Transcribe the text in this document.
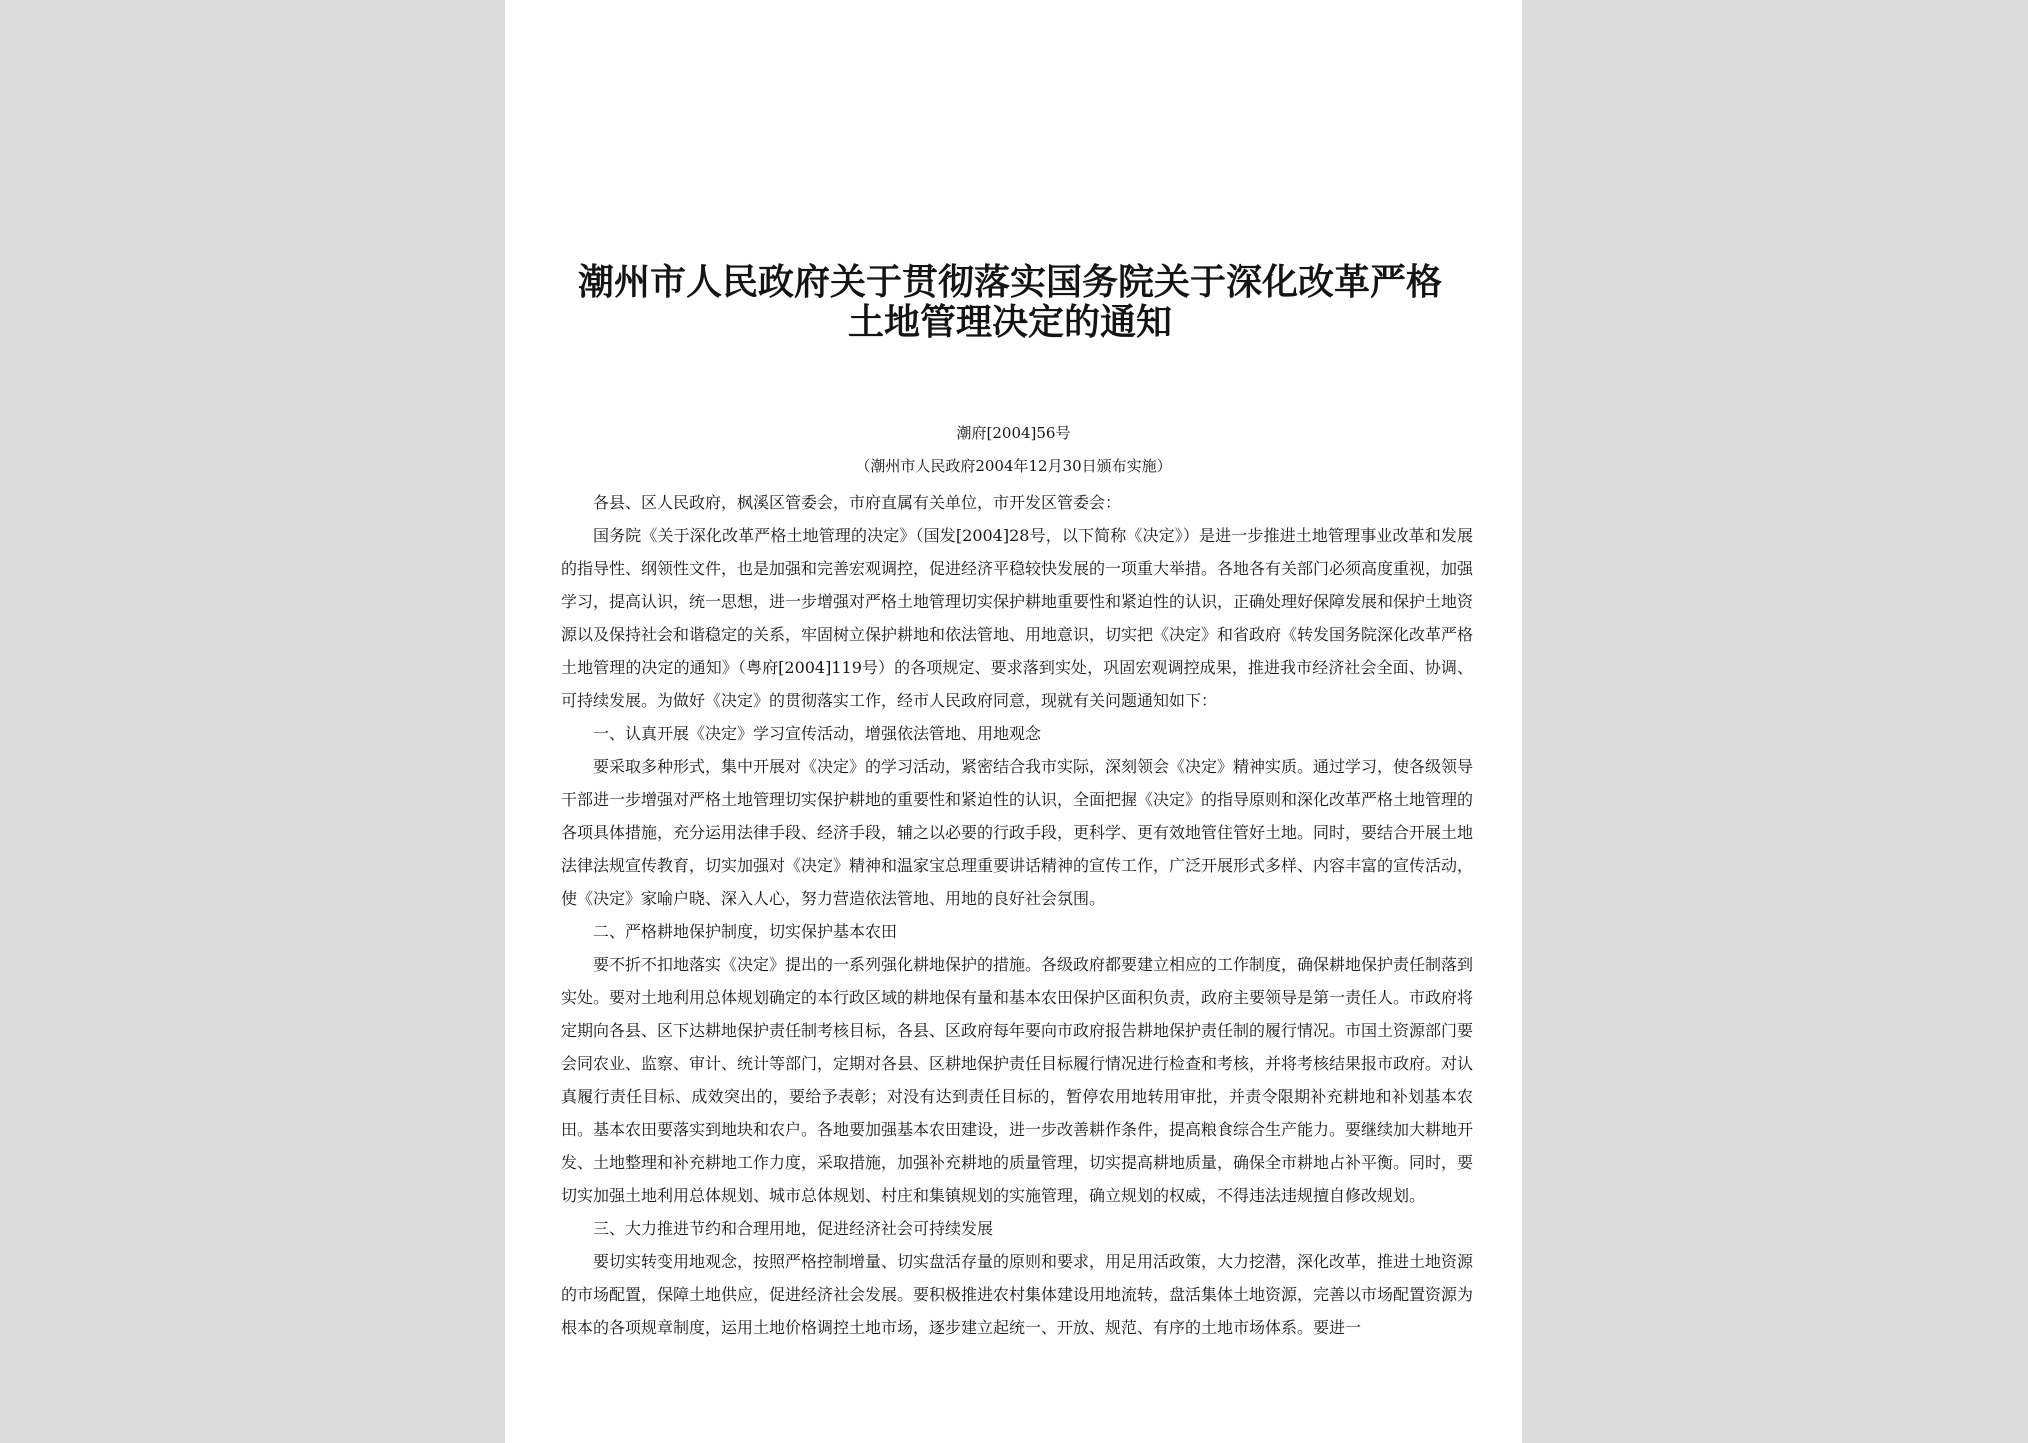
潮州市人民政府关于贯彻落实国务院关于深化改革严格土地管理决定的通知
潮府[2004]56号
（潮州市人民政府2004年12月30日颁布实施）

各县、区人民政府，枫溪区管委会，市府直属有关单位，市开发区管委会：

国务院《关于深化改革严格土地管理的决定》（国发[2004]28号，以下简称《决定》）是进一步推进土地管理事业改革和发展的指导性、纲领性文件，也是加强和完善宏观调控，促进经济平稳较快发展的一项重大举措。各地各有关部门必须高度重视，加强学习，提高认识，统一思想，进一步增强对严格土地管理切实保护耕地重要性和紧迫性的认识，正确处理好保障发展和保护土地资源以及保持社会和谐稳定的关系，牢固树立保护耕地和依法管地、用地意识，切实把《决定》和省政府《转发国务院深化改革严格土地管理的决定的通知》（粤府[2004]119号）的各项规定、要求落到实处，巩固宏观调控成果，推进我市经济社会全面、协调、可持续发展。为做好《决定》的贯彻落实工作，经市人民政府同意，现就有关问题通知如下：

一、认真开展《决定》学习宣传活动，增强依法管地、用地观念

要采取多种形式，集中开展对《决定》的学习活动，紧密结合我市实际，深刻领会《决定》精神实质。通过学习，使各级领导干部进一步增强对严格土地管理切实保护耕地的重要性和紧迫性的认识，全面把握《决定》的指导原则和深化改革严格土地管理的各项具体措施，充分运用法律手段、经济手段，辅之以必要的行政手段，更科学、更有效地管住管好土地。同时，要结合开展土地法律法规宣传教育，切实加强对《决定》精神和温家宝总理重要讲话精神的宣传工作，广泛开展形式多样、内容丰富的宣传活动，使《决定》家喻户晓、深入人心，努力营造依法管地、用地的良好社会氛围。

二、严格耕地保护制度，切实保护基本农田

要不折不扣地落实《决定》提出的一系列强化耕地保护的措施。各级政府都要建立相应的工作制度，确保耕地保护责任制落到实处。要对土地利用总体规划确定的本行政区域的耕地保有量和基本农田保护区面积负责，政府主要领导是第一责任人。市政府将定期向各县、区下达耕地保护责任制考核目标，各县、区政府每年要向市政府报告耕地保护责任制的履行情况。市国土资源部门要会同农业、监察、审计、统计等部门，定期对各县、区耕地保护责任目标履行情况进行检查和考核，并将考核结果报市政府。对认真履行责任目标、成效突出的，要给予表彰；对没有达到责任目标的，暂停农用地转用审批，并责令限期补充耕地和补划基本农田。基本农田要落实到地块和农户。各地要加强基本农田建设，进一步改善耕作条件，提高粮食综合生产能力。要继续加大耕地开发、土地整理和补充耕地工作力度，采取措施，加强补充耕地的质量管理，切实提高耕地质量，确保全市耕地占补平衡。同时，要切实加强土地利用总体规划、城市总体规划、村庄和集镇规划的实施管理，确立规划的权威，不得违法违规擅自修改规划。

三、大力推进节约和合理用地，促进经济社会可持续发展

要切实转变用地观念，按照严格控制增量、切实盘活存量的原则和要求，用足用活政策，大力挖潜，深化改革，推进土地资源的市场配置，保障土地供应，促进经济社会发展。要积极推进农村集体建设用地流转，盘活集体土地资源，完善以市场配置资源为根本的各项规章制度，运用土地价格调控土地市场，逐步建立起统一、开放、规范、有序的土地市场体系。要进一
